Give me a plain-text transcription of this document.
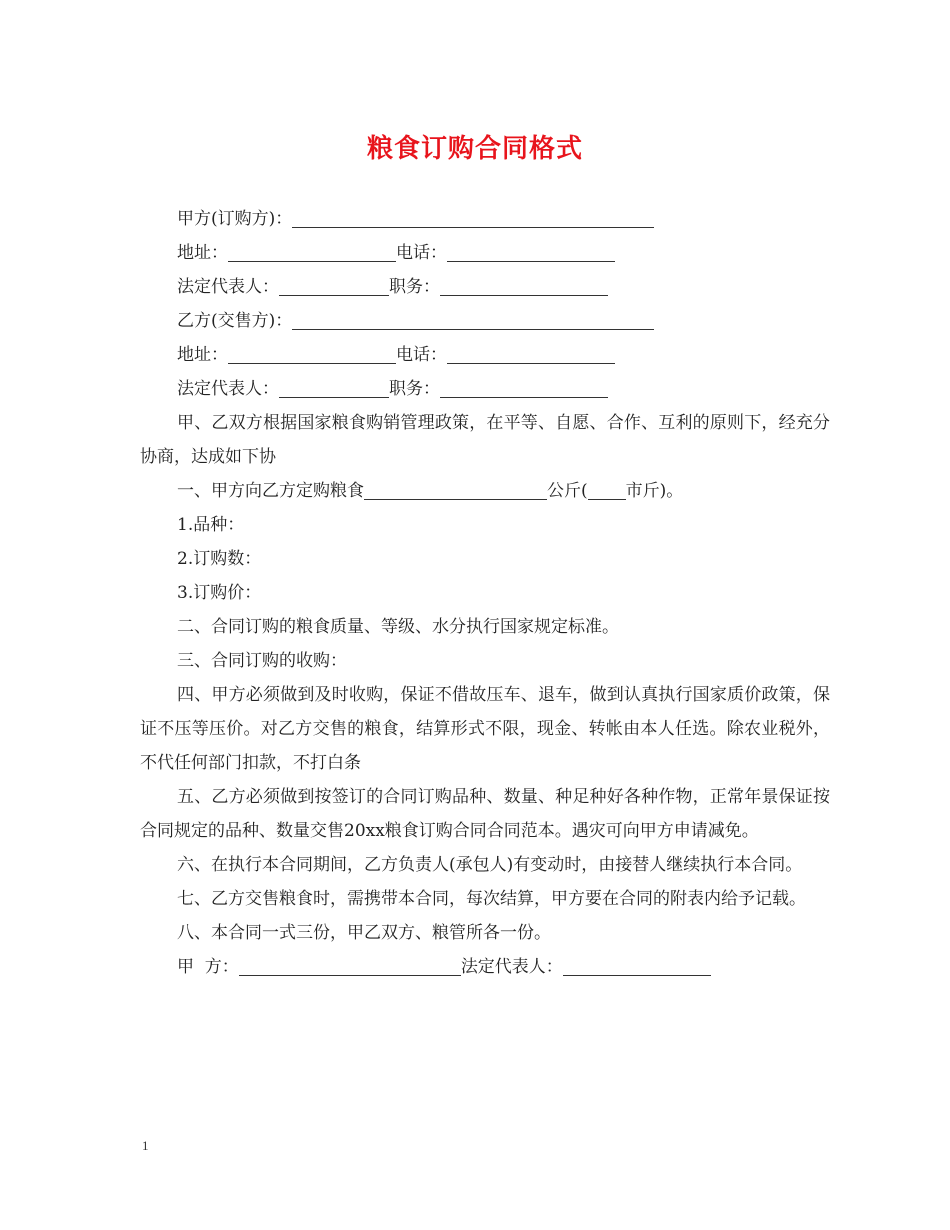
粮食订购合同格式
甲方(订购方)：
地址：	电话：
法定代表人：	职务：
乙方(交售方)：
地址：	电话：
法定代表人：	职务：
甲、乙双方根据国家粮食购销管理政策，在平等、自愿、合作、互利的原则下，经充分协商，达成如下协
一、甲方向乙方定购粮食	公斤( 市斤)。
1.品种：
2.订购数：
3.订购价：
二、合同订购的粮食质量、等级、水分执行国家规定标准。
三、合同订购的收购：
四、甲方必须做到及时收购，保证不借故压车、退车，做到认真执行国家质价政策，保证不压等压价。对乙方交售的粮食，结算形式不限，现金、转帐由本人任选。除农业税外，不代任何部门扣款，不打白条
五、乙方必须做到按签订的合同订购品种、数量、种足种好各种作物，正常年景保证按合同规定的品种、数量交售20xx粮食订购合同合同范本。遇灾可向甲方申请减免。
六、在执行本合同期间，乙方负责人(承包人)有变动时，由接替人继续执行本合同。
七、乙方交售粮食时，需携带本合同，每次结算，甲方要在合同的附表内给予记载。
八、本合同一式三份，甲乙双方、粮管所各一份。
甲  方：	法定代表人：
1
